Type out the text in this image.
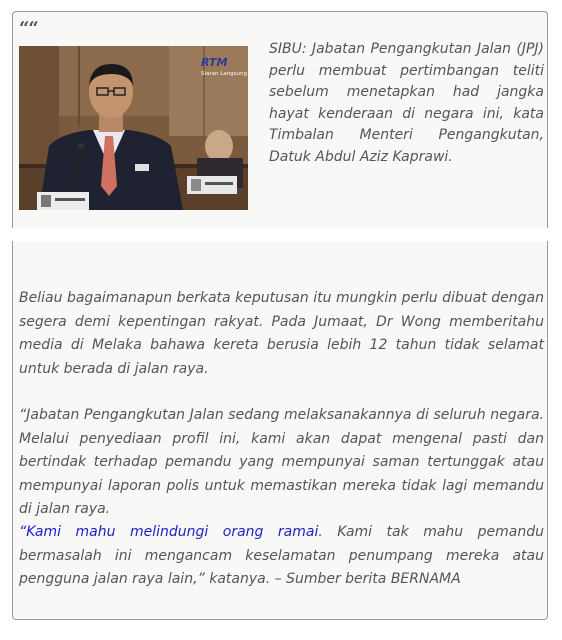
““
RTM
Siaran Langsung

SIBU: Jabatan Pengangkutan Jalan (JPJ) perlu membuat pertimbangan teliti sebelum menetapkan had jangka hayat kenderaan di negara ini, kata Timbalan Menteri Pengangkutan, Datuk Abdul Aziz Kaprawi.

Beliau bagaimanapun berkata keputusan itu mungkin perlu dibuat dengan segera demi kepentingan rakyat. Pada Jumaat, Dr Wong memberitahu media di Melaka bahawa kereta berusia lebih 12 tahun tidak selamat untuk berada di jalan raya.

“Jabatan Pengangkutan Jalan sedang melaksanakannya di seluruh negara. Melalui penyediaan profil ini, kami akan dapat mengenal pasti dan bertindak terhadap pemandu yang mempunyai saman tertunggak atau mempunyai laporan polis untuk memastikan mereka tidak lagi memandu di jalan raya.

“Kami mahu melindungi orang ramai. Kami tak mahu pemandu bermasalah ini mengancam keselamatan penumpang mereka atau pengguna jalan raya lain,” katanya. – Sumber berita BERNAMA
